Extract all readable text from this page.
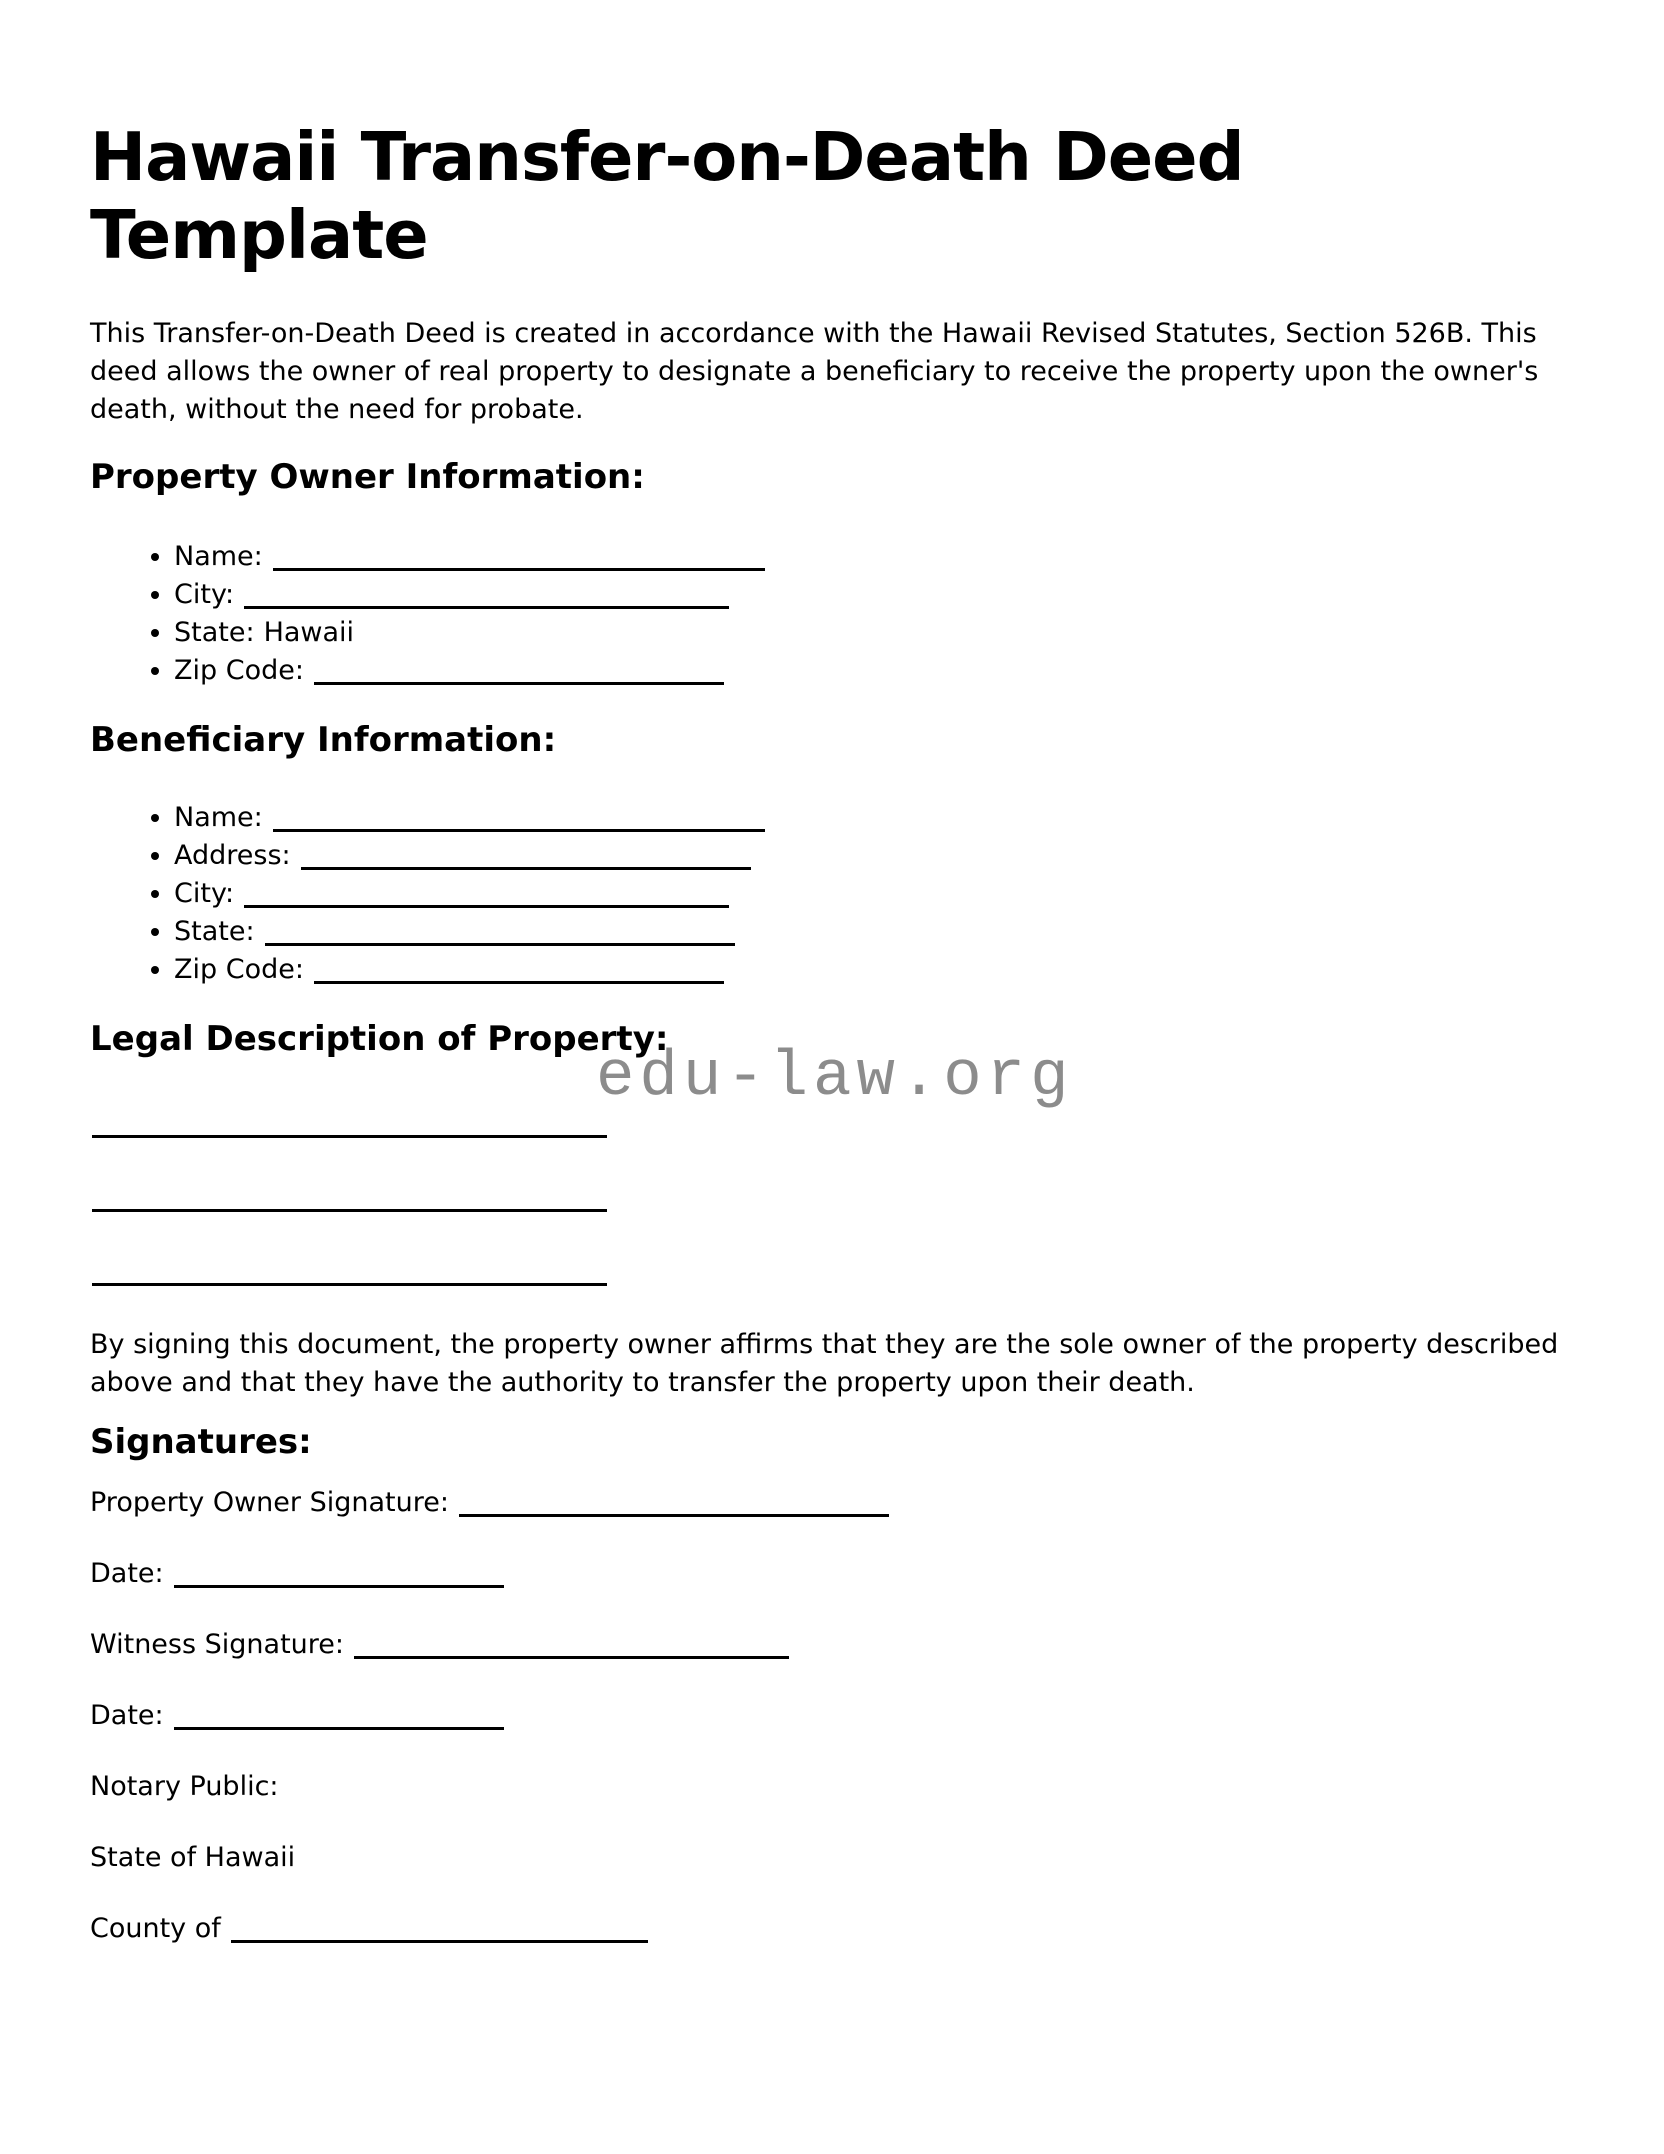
Hawaii Transfer-on-Death Deed Template

This Transfer-on-Death Deed is created in accordance with the Hawaii Revised Statutes, Section 526B. This deed allows the owner of real property to designate a beneficiary to receive the property upon the owner's death, without the need for probate.

Property Owner Information:
• Name:
• City:
• State: Hawaii
• Zip Code:
Beneficiary Information:
• Name:
• Address:
• City:
• State:
• Zip Code:
Legal Description of Property:
edu-law.org

By signing this document, the property owner affirms that they are the sole owner of the property described above and that they have the authority to transfer the property upon their death.

Signatures:

Property Owner Signature:

Date:

Witness Signature:

Date:

Notary Public:

State of Hawaii

County of
